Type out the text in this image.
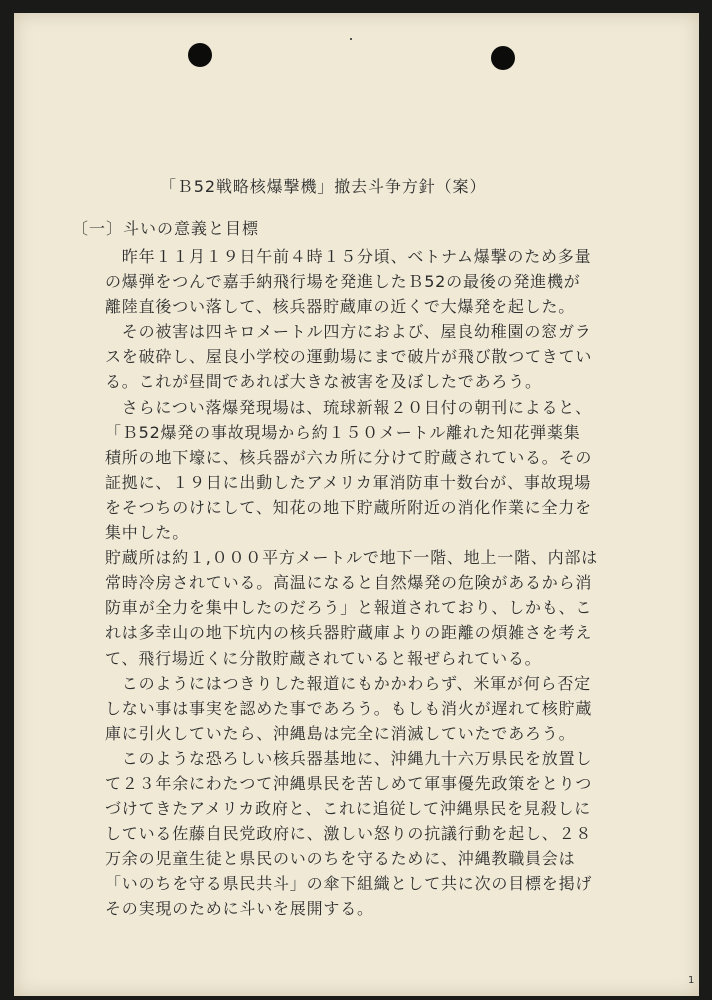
「Ｂ52戦略核爆撃機」撤去斗争方針（案）
〔一〕斗いの意義と目標
　昨年１１月１９日午前４時１５分頃、ベトナム爆撃のため多量
の爆弾をつんで嘉手納飛行場を発進したＢ52の最後の発進機が
離陸直後つい落して、核兵器貯蔵庫の近くで大爆発を起した。
　その被害は四キロメートル四方におよび、屋良幼稚園の窓ガラ
スを破砕し、屋良小学校の運動場にまで破片が飛び散つてきてい
る。これが昼間であれば大きな被害を及ぼしたであろう。
　さらについ落爆発現場は、琉球新報２０日付の朝刊によると、
「Ｂ52爆発の事故現場から約１５０メートル離れた知花弾薬集
積所の地下壕に、核兵器が六カ所に分けて貯蔵されている。その
証拠に、１９日に出動したアメリカ軍消防車十数台が、事故現場
をそつちのけにして、知花の地下貯蔵所附近の消化作業に全力を
集中した。
貯蔵所は約１,０００平方メートルで地下一階、地上一階、内部は
常時冷房されている。高温になると自然爆発の危険があるから消
防車が全力を集中したのだろう」と報道されており、しかも、こ
れは多幸山の地下坑内の核兵器貯蔵庫よりの距離の煩雑さを考え
て、飛行場近くに分散貯蔵されていると報ぜられている。
　このようにはつきりした報道にもかかわらず、米軍が何ら否定
しない事は事実を認めた事であろう。もしも消火が遅れて核貯蔵
庫に引火していたら、沖縄島は完全に消滅していたであろう。
　このような恐ろしい核兵器基地に、沖縄九十六万県民を放置し
て２３年余にわたつて沖縄県民を苦しめて軍事優先政策をとりつ
づけてきたアメリカ政府と、これに追従して沖縄県民を見殺しに
している佐藤自民党政府に、激しい怒りの抗議行動を起し、２８
万余の児童生徒と県民のいのちを守るために、沖縄教職員会は
「いのちを守る県民共斗」の傘下組織として共に次の目標を掲げ
その実現のために斗いを展開する。
1
